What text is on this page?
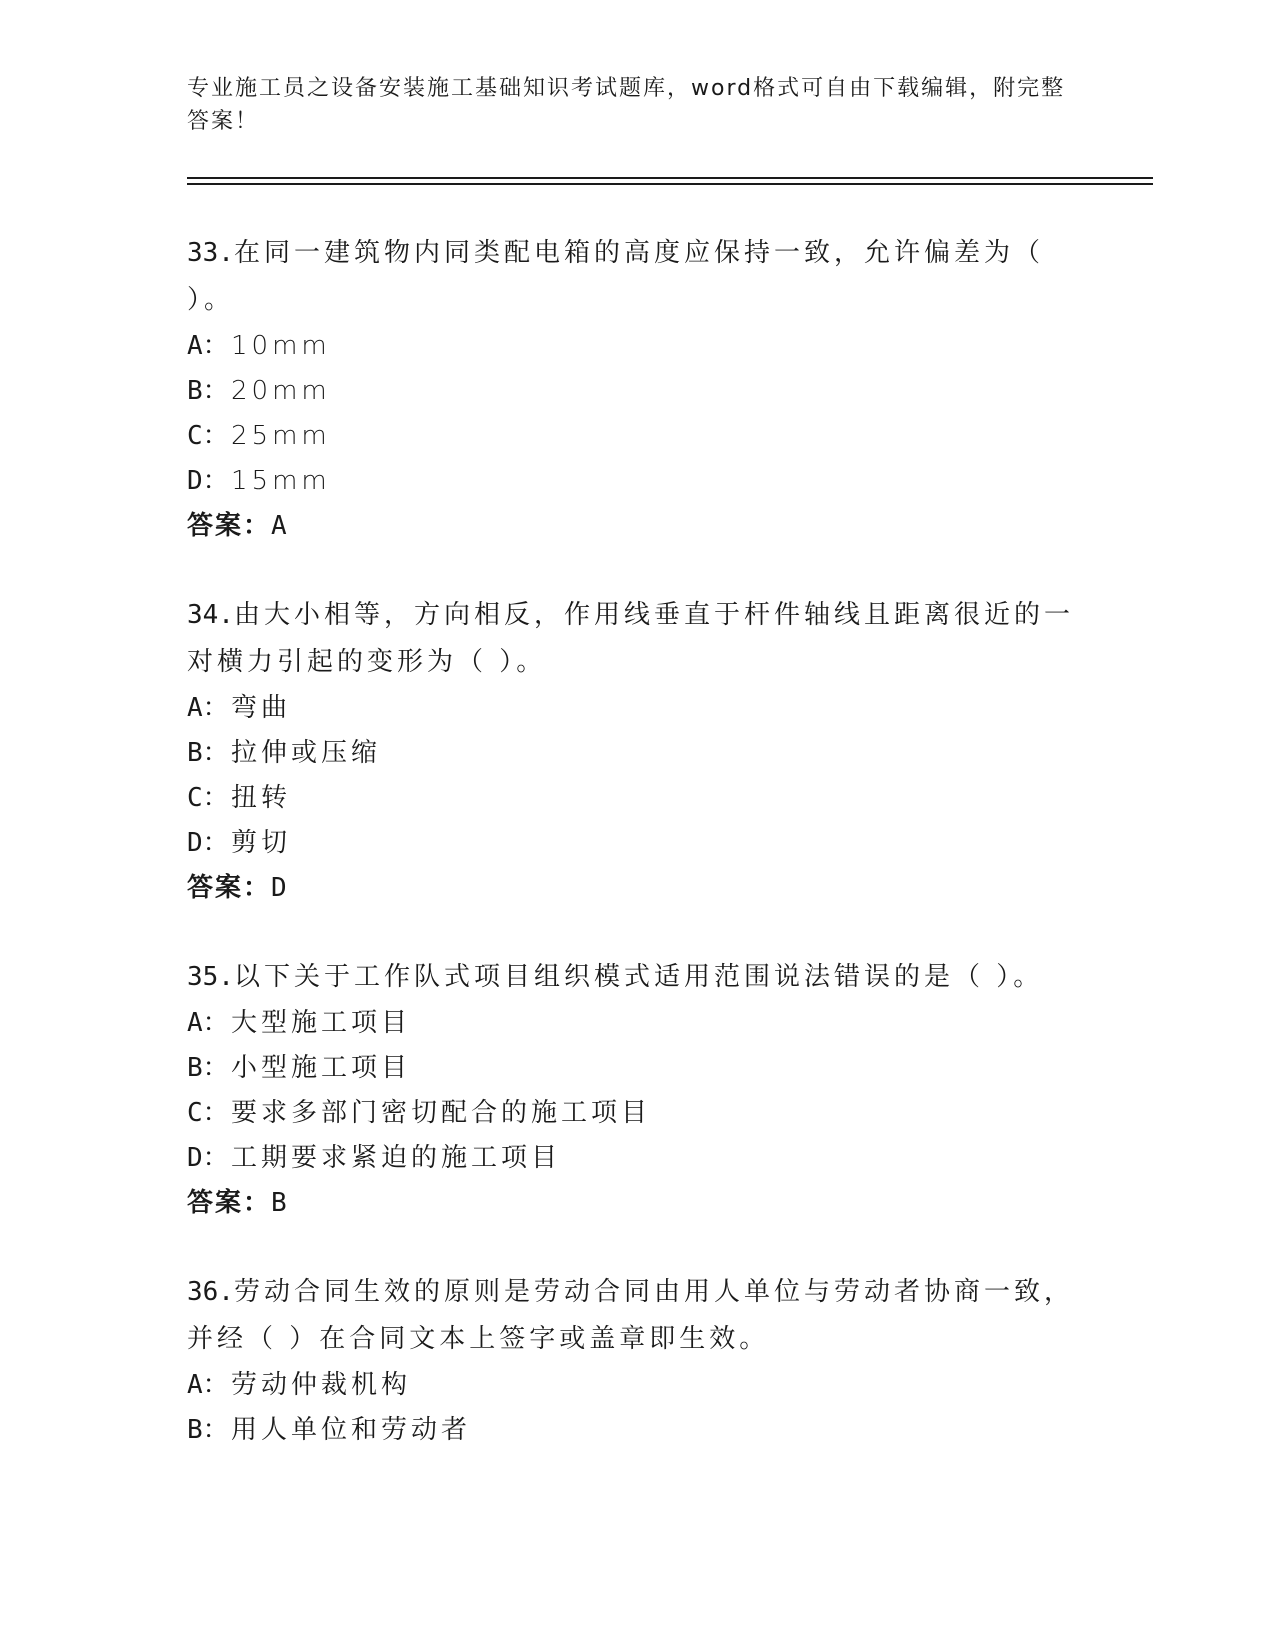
专业施工员之设备安装施工基础知识考试题库，word格式可自由下载编辑，附完整答案！
33.在同一建筑物内同类配电箱的高度应保持一致，允许偏差为（ ）。
A： 10mm
B： 20mm
C： 25mm
D： 15mm
答案：A
34.由大小相等，方向相反，作用线垂直于杆件轴线且距离很近的一对横力引起的变形为（ ）。
A： 弯曲
B： 拉伸或压缩
C： 扭转
D： 剪切
答案：D
35.以下关于工作队式项目组织模式适用范围说法错误的是（ ）。
A： 大型施工项目
B： 小型施工项目
C： 要求多部门密切配合的施工项目
D： 工期要求紧迫的施工项目
答案：B
36.劳动合同生效的原则是劳动合同由用人单位与劳动者协商一致，并经（ ）在合同文本上签字或盖章即生效。
A： 劳动仲裁机构
B： 用人单位和劳动者
